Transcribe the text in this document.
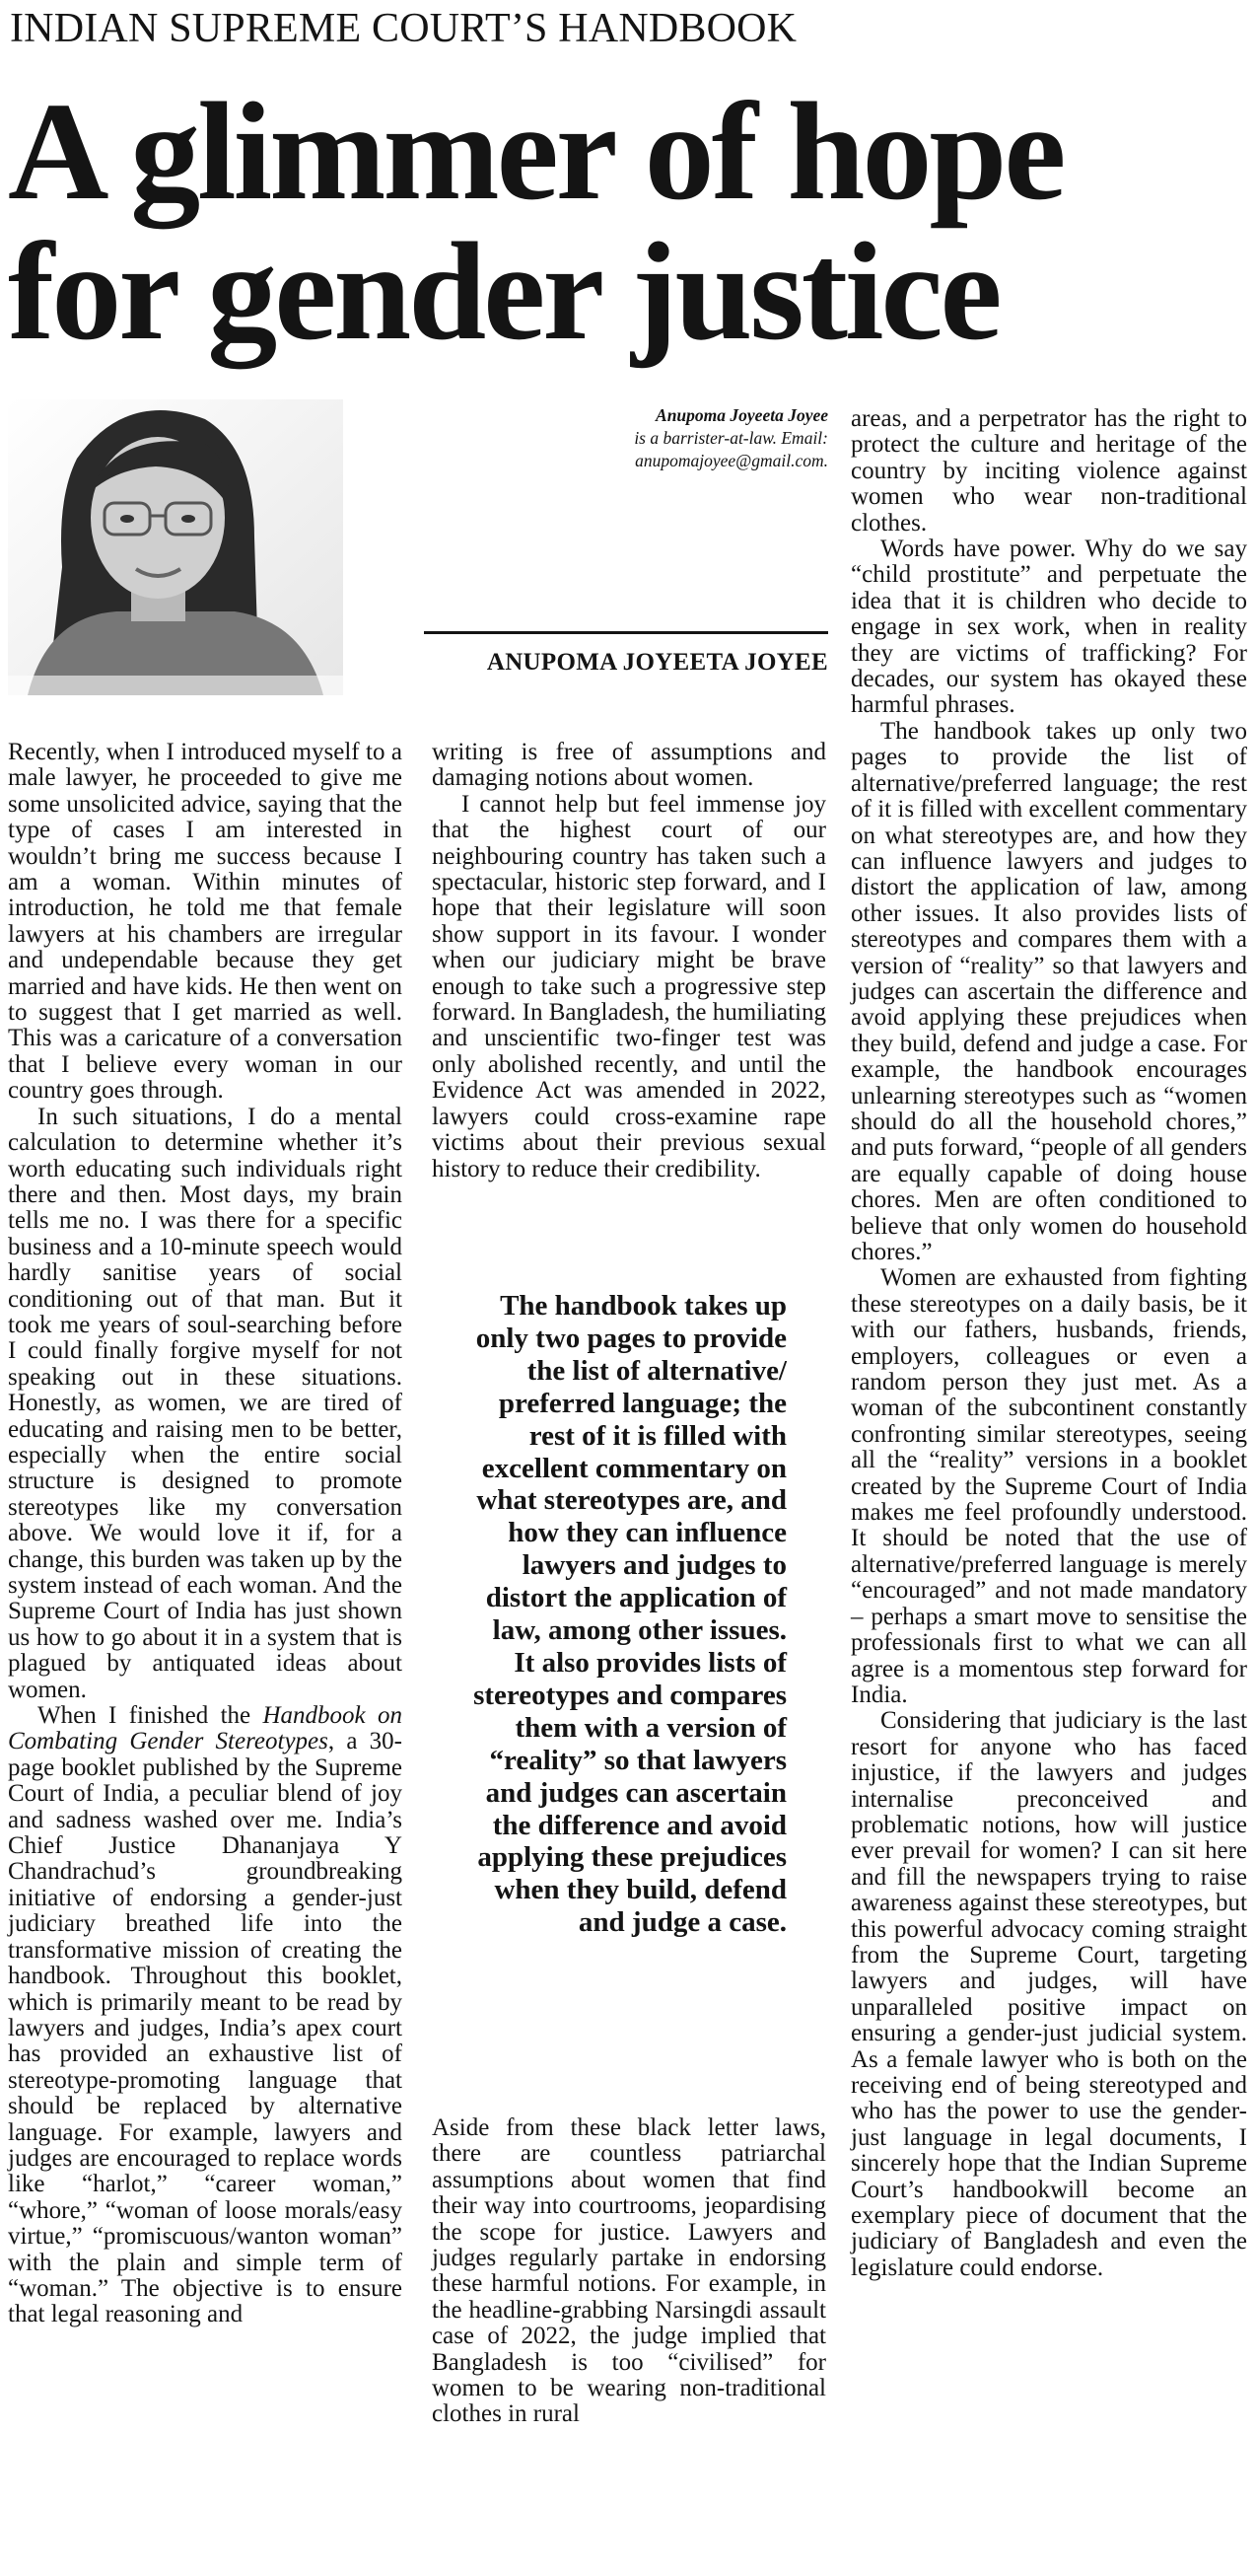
INDIAN SUPREME COURT’S HANDBOOK
A glimmer of hope
for gender justice
Anupoma Joyeeta Joyee
is a barrister-at-law. Email:
anupomajoyee@gmail.com.
ANUPOMA JOYEETA JOYEE

Recently, when I introduced myself to a male lawyer, he proceeded to give me some unsolicited advice, saying that the type of cases I am interested in wouldn’t bring me success because I am a woman. Within minutes of introduction, he told me that female lawyers at his chambers are irregular and undependable because they get married and have kids. He then went on to suggest that I get married as well. This was a caricature of a conversation that I believe every woman in our country goes through.

In such situations, I do a mental calculation to determine whether it’s worth educating such individuals right there and then. Most days, my brain tells me no. I was there for a specific business and a 10-minute speech would hardly sanitise years of social conditioning out of that man. But it took me years of soul-searching before I could finally forgive myself for not speaking out in these situations. Honestly, as women, we are tired of educating and raising men to be better, especially when the entire social structure is designed to promote stereotypes like my conversation above. We would love it if, for a change, this burden was taken up by the system instead of each woman. And the Supreme Court of India has just shown us how to go about it in a system that is plagued by antiquated ideas about women.

When I finished the Handbook on Combating Gender Stereotypes, a 30-page booklet published by the Supreme Court of India, a peculiar blend of joy and sadness washed over me. India’s Chief Justice Dhananjaya Y Chandrachud’s groundbreaking initiative of endorsing a gender-just judiciary breathed life into the transformative mission of creating the handbook. Throughout this booklet, which is primarily meant to be read by lawyers and judges, India’s apex court has provided an exhaustive list of stereotype-promoting language that should be replaced by alternative language. For example, lawyers and judges are encouraged to replace words like “harlot,” “career woman,” “whore,” “woman of loose morals/easy virtue,” “promiscuous/wanton woman” with the plain and simple term of “woman.” The objective is to ensure that legal reasoning and

writing is free of assumptions and damaging notions about women.

I cannot help but feel immense joy that the highest court of our neighbouring country has taken such a spectacular, historic step forward, and I hope that their legislature will soon show support in its favour. I wonder when our judiciary might be brave enough to take such a progressive step forward. In Bangladesh, the humiliating and unscientific two-finger test was only abolished recently, and until the Evidence Act was amended in 2022, lawyers could cross-examine rape victims about their previous sexual history to reduce their credibility.

The handbook takes up only two pages to provide the list of alternative/ preferred language; the rest of it is filled with excellent commentary on what stereotypes are, and how they can influence lawyers and judges to distort the application of law, among other issues. It also provides lists of stereotypes and compares them with a version of “reality” so that lawyers and judges can ascertain the difference and avoid applying these prejudices when they build, defend and judge a case.

Aside from these black letter laws, there are countless patriarchal assumptions about women that find their way into courtrooms, jeopardising the scope for justice. Lawyers and judges regularly partake in endorsing these harmful notions. For example, in the headline-grabbing Narsingdi assault case of 2022, the judge implied that Bangladesh is too “civilised” for women to be wearing non-traditional clothes in rural

areas, and a perpetrator has the right to protect the culture and heritage of the country by inciting violence against women who wear non-traditional clothes.

Words have power. Why do we say “child prostitute” and perpetuate the idea that it is children who decide to engage in sex work, when in reality they are victims of trafficking? For decades, our system has okayed these harmful phrases.

The handbook takes up only two pages to provide the list of alternative/preferred language; the rest of it is filled with excellent commentary on what stereotypes are, and how they can influence lawyers and judges to distort the application of law, among other issues. It also provides lists of stereotypes and compares them with a version of “reality” so that lawyers and judges can ascertain the difference and avoid applying these prejudices when they build, defend and judge a case. For example, the handbook encourages unlearning stereotypes such as “women should do all the household chores,” and puts forward, “people of all genders are equally capable of doing house chores. Men are often conditioned to believe that only women do household chores.”

Women are exhausted from fighting these stereotypes on a daily basis, be it with our fathers, husbands, friends, employers, colleagues or even a random person they just met. As a woman of the subcontinent constantly confronting similar stereotypes, seeing all the “reality” versions in a booklet created by the Supreme Court of India makes me feel profoundly understood. It should be noted that the use of alternative/preferred language is merely “encouraged” and not made mandatory – perhaps a smart move to sensitise the professionals first to what we can all agree is a momentous step forward for India.

Considering that judiciary is the last resort for anyone who has faced injustice, if the lawyers and judges internalise preconceived and problematic notions, how will justice ever prevail for women? I can sit here and fill the newspapers trying to raise awareness against these stereotypes, but this powerful advocacy coming straight from the Supreme Court, targeting lawyers and judges, will have unparalleled positive impact on ensuring a gender-just judicial system. As a female lawyer who is both on the receiving end of being stereotyped and who has the power to use the gender-just language in legal documents, I sincerely hope that the Indian Supreme Court’s handbookwill become an exemplary piece of document that the judiciary of Bangladesh and even the legislature could endorse.
